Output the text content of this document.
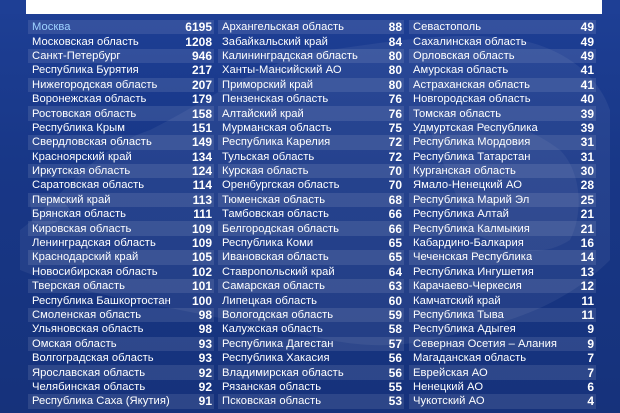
Москва	6195
Московская область	1208
Санкт-Петербург	946
Республика Бурятия	217
Нижегородская область	207
Воронежская область	179
Ростовская область	158
Республика Крым	151
Свердловская область	149
Красноярский край	134
Иркутская область	124
Саратовская область	114
Пермский край	113
Брянская область	111
Кировская область	109
Ленинградская область	109
Краснодарский край	105
Новосибирская область	102
Тверская область	101
Республика Башкортостан 100
Смоленская область	98
Ульяновская область	98
Омская область	93
Волгоградская область	93
Ярославская область	92
Челябинская область	92
Республика Саха (Якутия) 91
Архангельская область	88
Забайкальский край	84
Калининградская область	80
Ханты-Мансийский АО	80
Приморский край	80
Пензенская область	76
Алтайский край	76
Мурманская область	75
Республика Карелия	72
Тульская область	72
Курская область	70
Оренбургская область	70
Тюменская область	68
Тамбовская область	66
Белгородская область	66
Республика Коми	65
Ивановская область	65
Ставропольский край	64
Самарская область	63
Липецкая область	60
Вологодская область	59
Калужская область	58
Республика Дагестан	57
Республика Хакасия	56
Владимирская область	56
Рязанская область	55
Псковская область	53
Севастополь	49
Сахалинская область	49
Орловская область	49
Амурская область	41
Астраханская область	41
Новгородская область	40
Томская область	39
Удмуртская Республика	39
Республика Мордовия	31
Республика Татарстан	31
Курганская область	30
Ямало-Ненецкий АО	28
Республика Марий Эл	25
Республика Алтай	21
Республика Калмыкия	21
Кабардино-Балкария	16
Чеченская Республика	14
Республика Ингушетия	13
Карачаево-Черкесия	12
Камчатский край	11
Республика Тыва	11
Республика Адыгея	9
Северная Осетия – Алания	9
Магаданская область	7
Еврейская АО	7
Ненецкий АО	6
Чукотский АО	4
